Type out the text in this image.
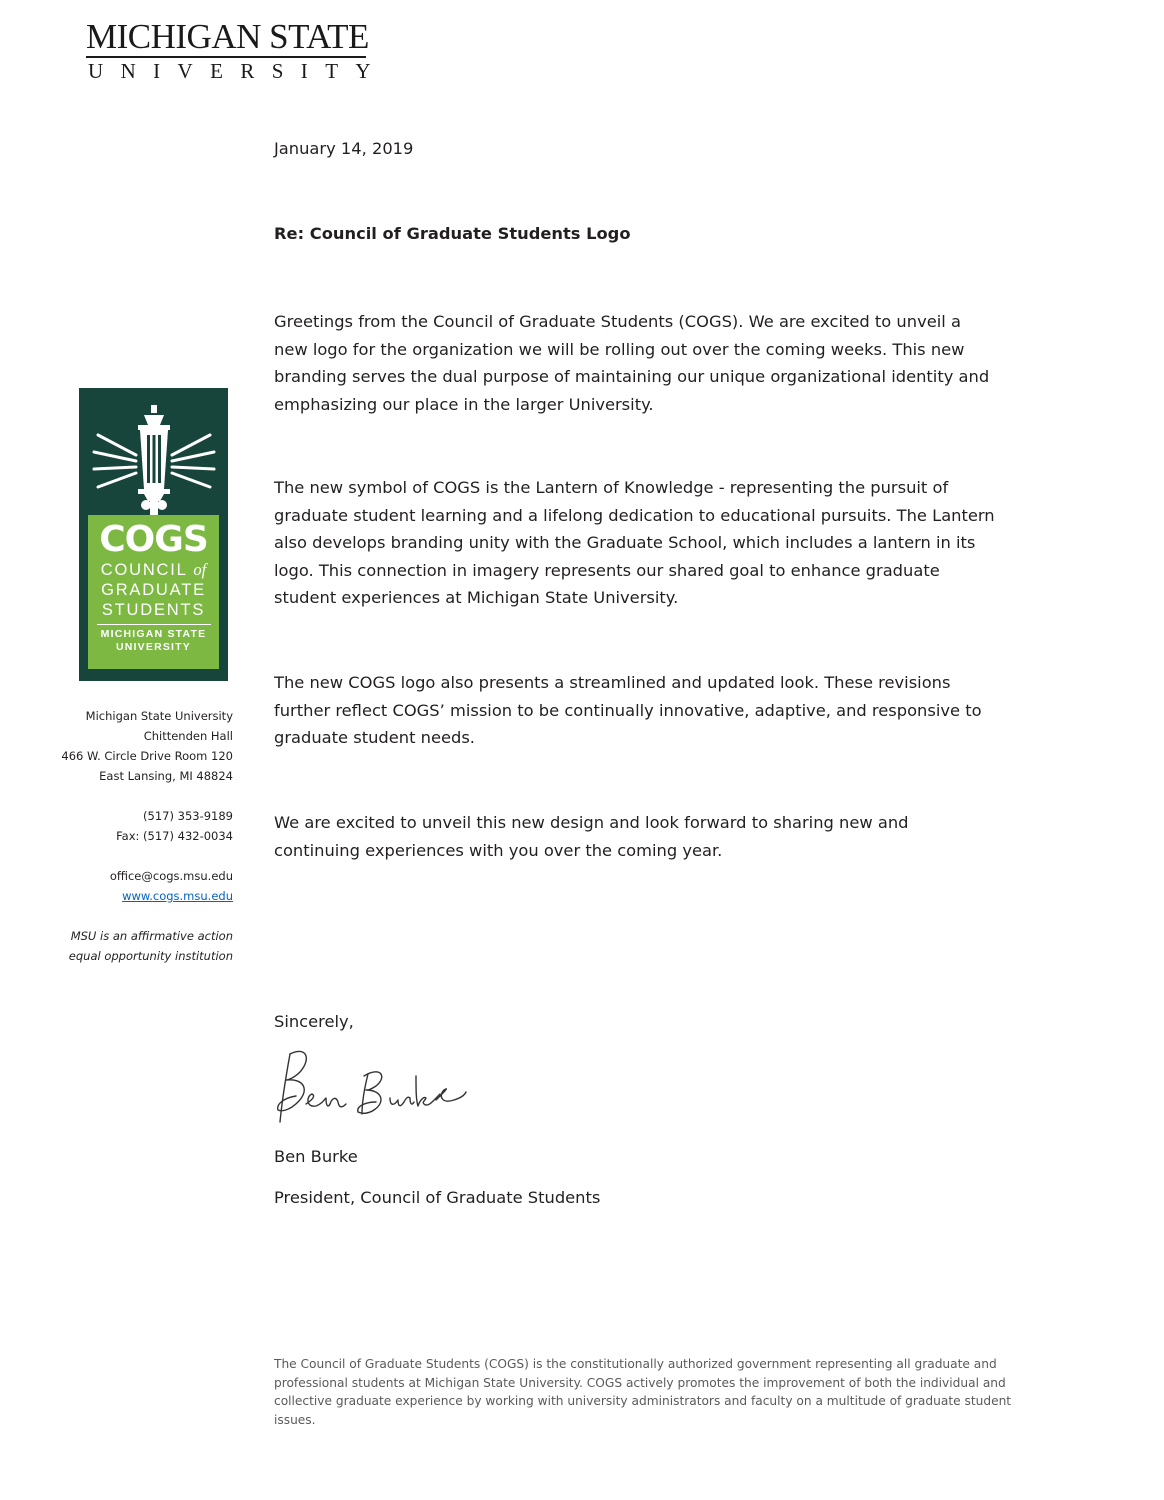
MICHIGAN STATE
UNIVERSITY
COGS
COUNCIL of
GRADUATE
STUDENTS
MICHIGAN STATE
UNIVERSITY
Michigan State University
Chittenden Hall
466 W. Circle Drive Room 120
East Lansing, MI 48824
(517) 353-9189
Fax: (517) 432-0034
office@cogs.msu.edu
www.cogs.msu.edu
MSU is an affirmative action
equal opportunity institution
January 14, 2019
Re: Council of Graduate Students Logo
Greetings from the Council of Graduate Students (COGS). We are excited to unveil a
new logo for the organization we will be rolling out over the coming weeks. This new
branding serves the dual purpose of maintaining our unique organizational identity and
emphasizing our place in the larger University.
The new symbol of COGS is the Lantern of Knowledge - representing the pursuit of
graduate student learning and a lifelong dedication to educational pursuits. The Lantern
also develops branding unity with the Graduate School, which includes a lantern in its
logo. This connection in imagery represents our shared goal to enhance graduate
student experiences at Michigan State University.
The new COGS logo also presents a streamlined and updated look. These revisions
further reflect COGS’ mission to be continually innovative, adaptive, and responsive to
graduate student needs.
We are excited to unveil this new design and look forward to sharing new and
continuing experiences with you over the coming year.
Sincerely,
Ben Burke
President, Council of Graduate Students
The Council of Graduate Students (COGS) is the constitutionally authorized government representing all graduate and
professional students at Michigan State University. COGS actively promotes the improvement of both the individual and
collective graduate experience by working with university administrators and faculty on a multitude of graduate student
issues.
